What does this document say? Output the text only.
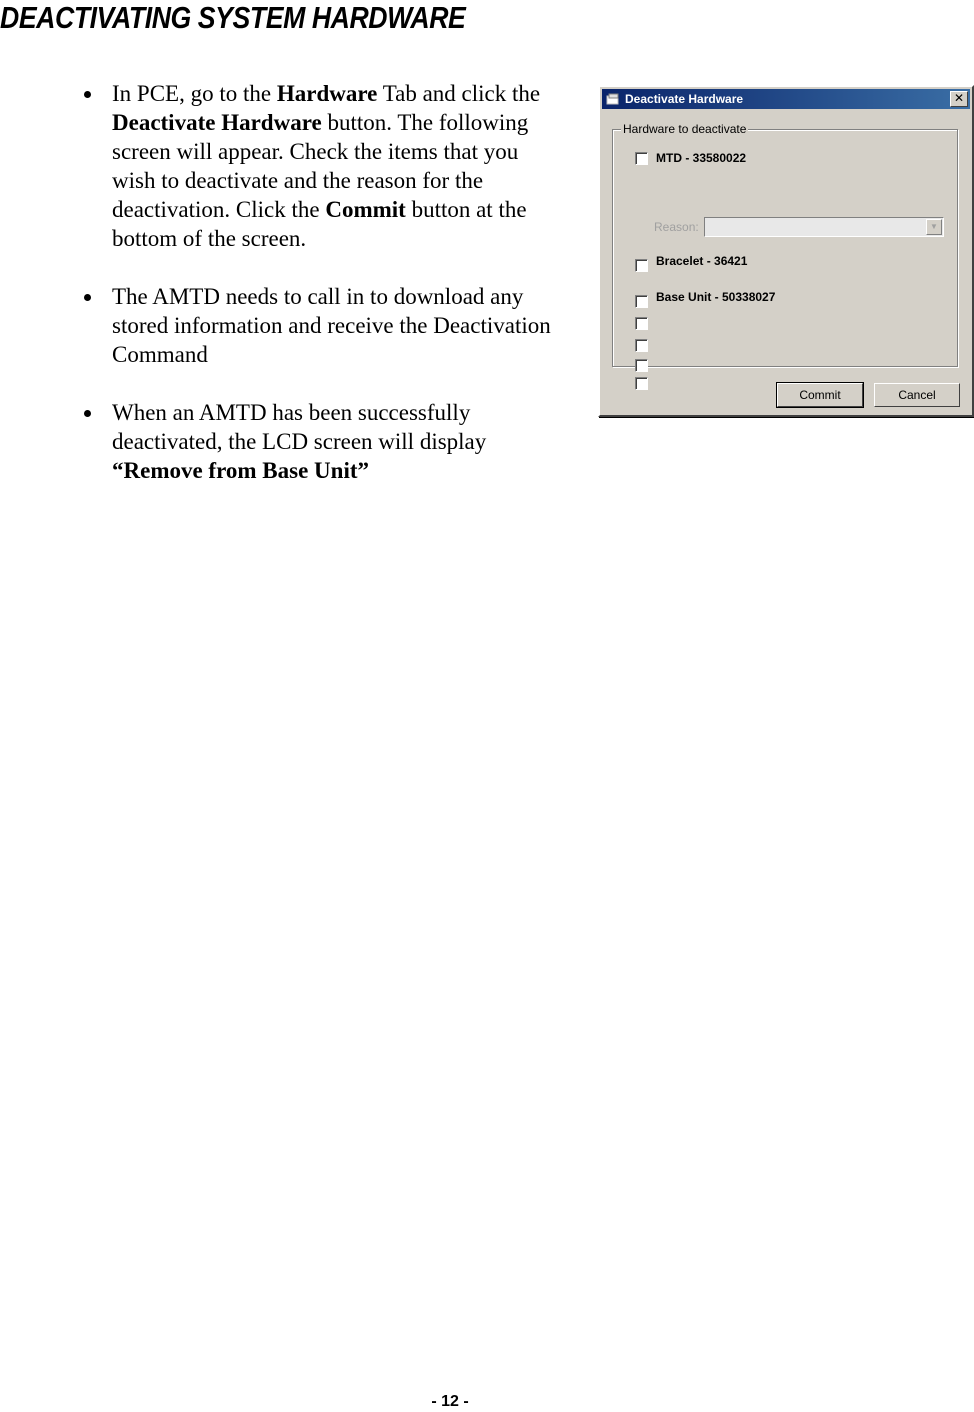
DEACTIVATING SYSTEM HARDWARE
In PCE, go to the Hardware Tab and click the Deactivate Hardware button. The following screen will appear. Check the items that you wish to deactivate and the reason for the deactivation. Click the Commit button at the bottom of the screen.
The AMTD needs to call in to download any stored information and receive the Deactivation Command
When an AMTD has been successfully deactivated, the LCD screen will display “Remove from Base Unit”
Deactivate Hardware	✕
Hardware to deactivate
MTD - 33580022
Reason:	▼
Bracelet - 36421
Base Unit - 50338027
Commit	Cancel
- 12 -
